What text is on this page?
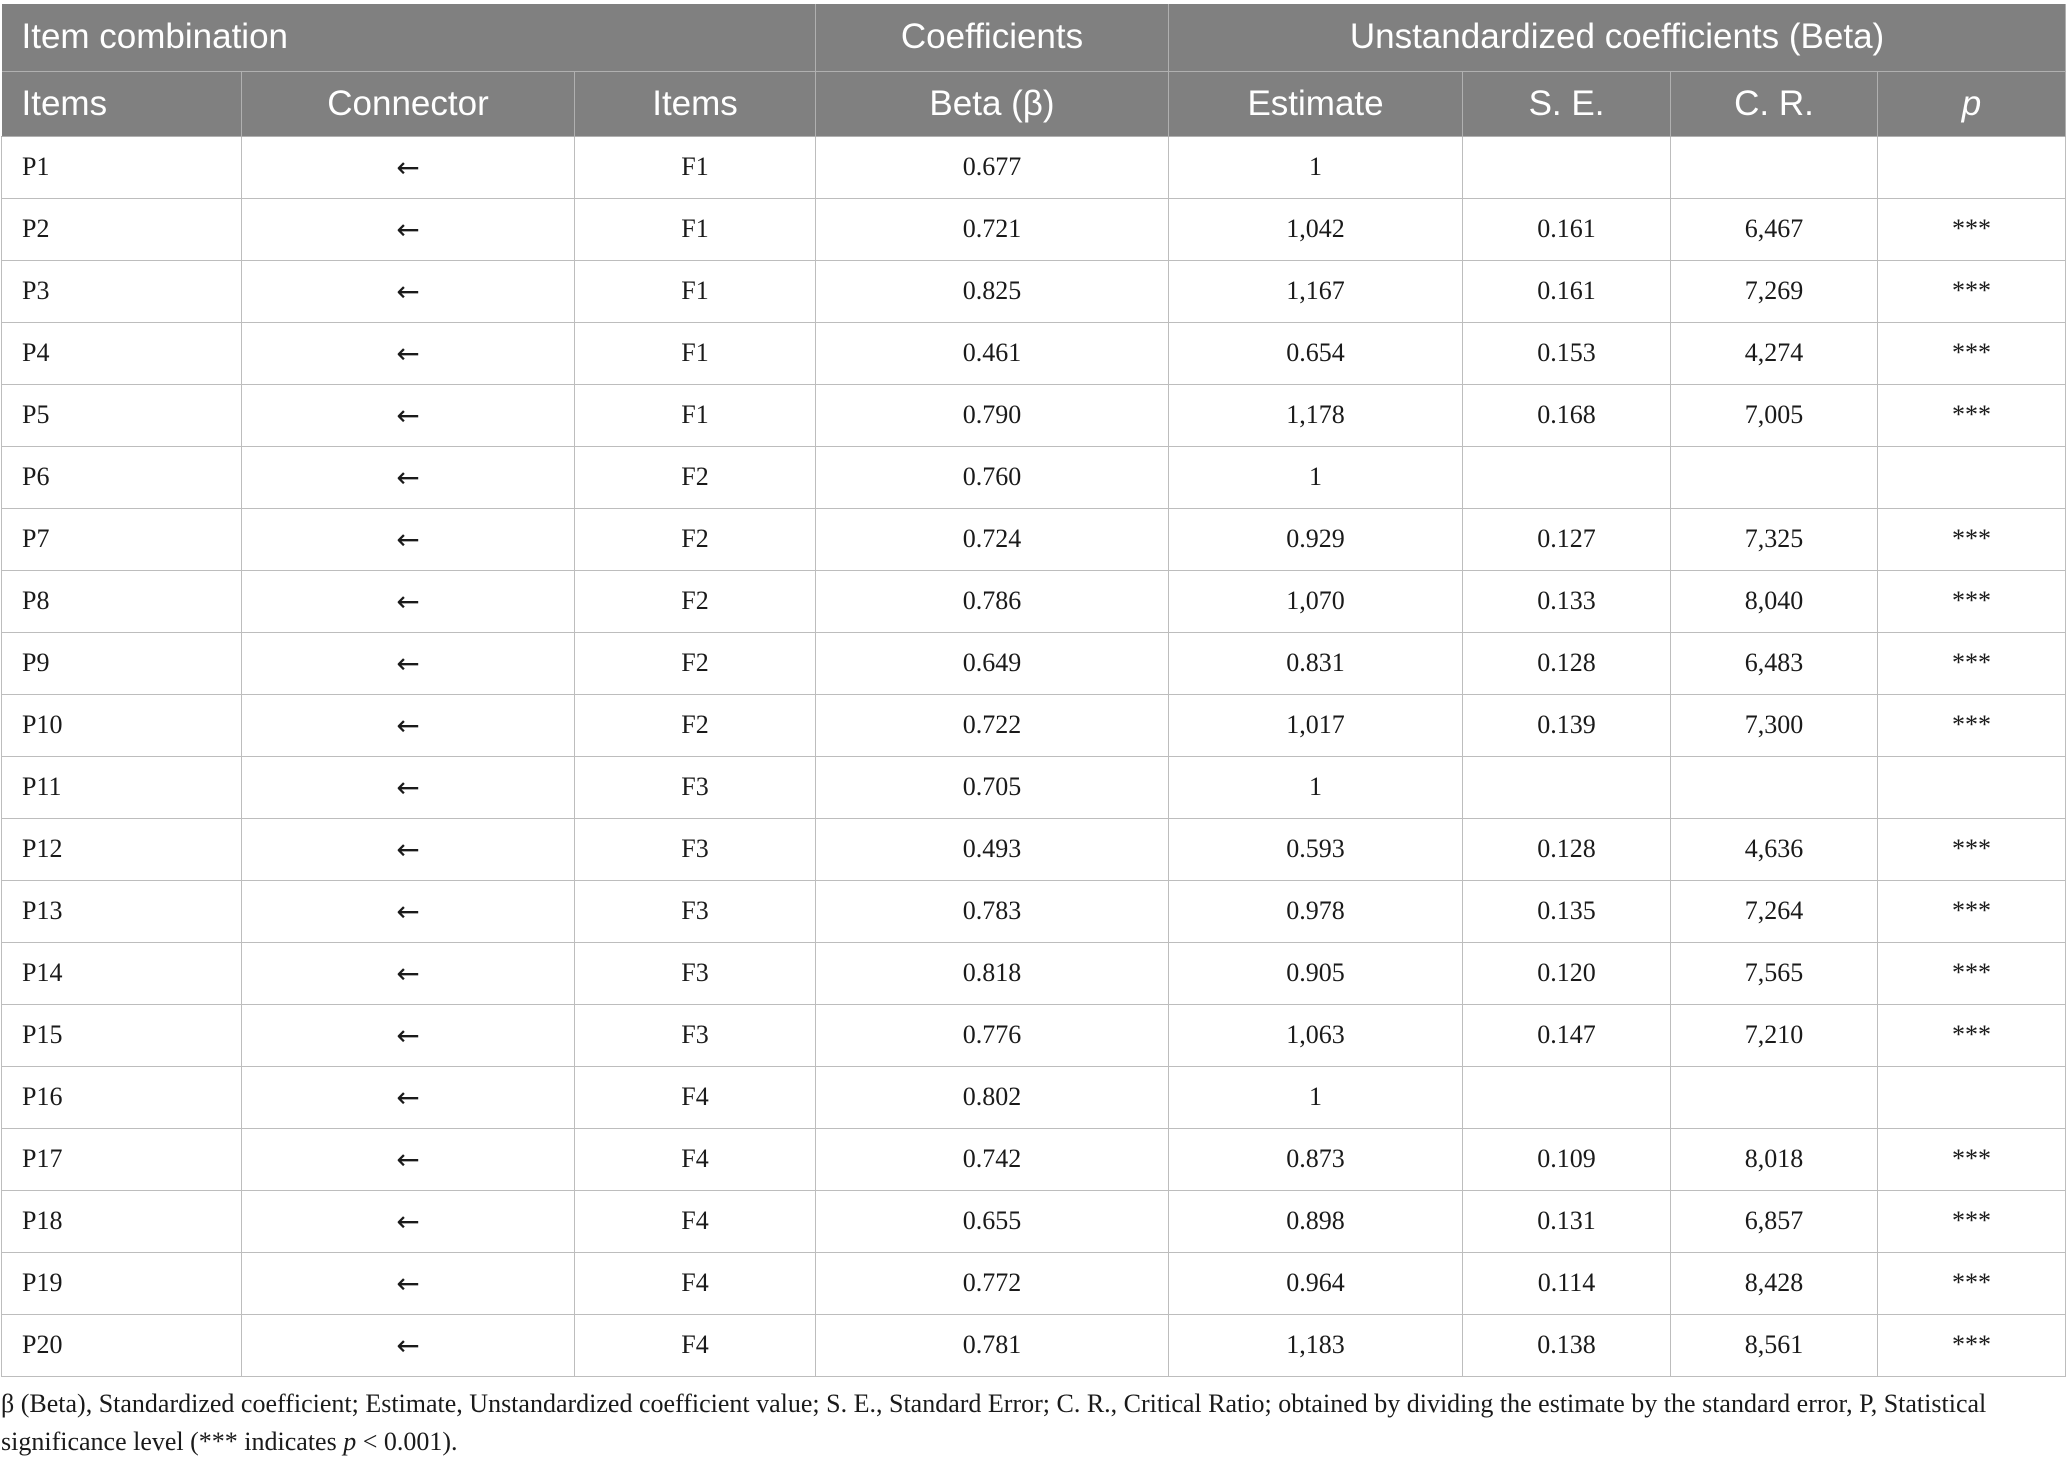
Item combination			Coefficients	Unstandardized coefficients (Beta)			
Items	Connector	Items	Beta (β)	Estimate	S. E.	C. R.	p
P1	←	F1	0.677	1			
P2	←	F1	0.721	1,042	0.161	6,467	***
P3	←	F1	0.825	1,167	0.161	7,269	***
P4	←	F1	0.461	0.654	0.153	4,274	***
P5	←	F1	0.790	1,178	0.168	7,005	***
P6	←	F2	0.760	1			
P7	←	F2	0.724	0.929	0.127	7,325	***
P8	←	F2	0.786	1,070	0.133	8,040	***
P9	←	F2	0.649	0.831	0.128	6,483	***
P10	←	F2	0.722	1,017	0.139	7,300	***
P11	←	F3	0.705	1			
P12	←	F3	0.493	0.593	0.128	4,636	***
P13	←	F3	0.783	0.978	0.135	7,264	***
P14	←	F3	0.818	0.905	0.120	7,565	***
P15	←	F3	0.776	1,063	0.147	7,210	***
P16	←	F4	0.802	1			
P17	←	F4	0.742	0.873	0.109	8,018	***
P18	←	F4	0.655	0.898	0.131	6,857	***
P19	←	F4	0.772	0.964	0.114	8,428	***
P20	←	F4	0.781	1,183	0.138	8,561	***
β (Beta), Standardized coefficient; Estimate, Unstandardized coefficient value; S. E., Standard Error; C. R., Critical Ratio; obtained by dividing the estimate by the standard error, P, Statistical significance level (*** indicates p < 0.001).
